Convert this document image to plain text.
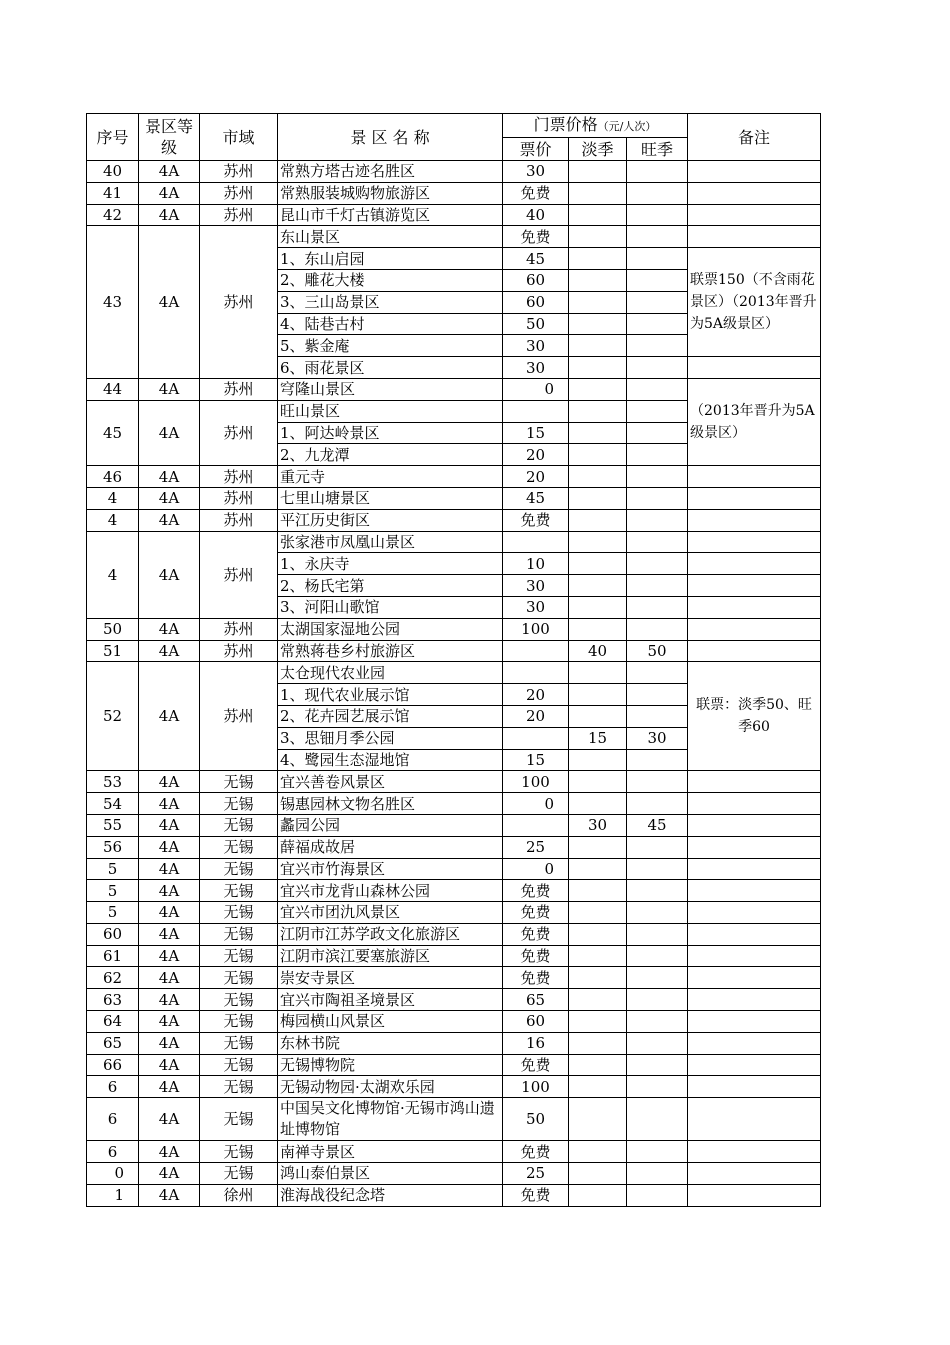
序号	景区等级	市域	景 区 名 称	门票价格（元/人次）			备注
				票价	淡季	旺季	
40	4A	苏州	常熟方塔古迹名胜区	30			
41	4A	苏州	常熟服装城购物旅游区	免费			
42	4A	苏州	昆山市千灯古镇游览区	40			
43	4A	苏州	东山景区	免费			
			1、东山启园	45			联票150（不含雨花景区）（2013年晋升为5A级景区）
			2、雕花大楼	60			
			3、三山岛景区	60			
			4、陆巷古村	50			
			5、紫金庵	30			
			6、雨花景区	30			
44	4A	苏州	穹隆山景区	0			（2013年晋升为5A级景区）
45	4A	苏州	旺山景区				
			1、阿达岭景区	15			
			2、九龙潭	20			
46	4A	苏州	重元寺	20			
4	4A	苏州	七里山塘景区	45			
4	4A	苏州	平江历史街区	免费			
4	4A	苏州	张家港市凤凰山景区				
			1、永庆寺	10			
			2、杨氏宅第	30			
			3、河阳山歌馆	30			
50	4A	苏州	太湖国家湿地公园	100			
51	4A	苏州	常熟蒋巷乡村旅游区		40	50	
52	4A	苏州	太仓现代农业园				联票：淡季50、旺季60
			1、现代农业展示馆	20			
			2、花卉园艺展示馆	20			
			3、思钿月季公园		15	30	
			4、鹭园生态湿地馆	15			
53	4A	无锡	宜兴善卷风景区	100			
54	4A	无锡	锡惠园林文物名胜区	0			
55	4A	无锡	蠡园公园		30	45	
56	4A	无锡	薛福成故居	25			
5	4A	无锡	宜兴市竹海景区	0			
5	4A	无锡	宜兴市龙背山森林公园	免费			
5	4A	无锡	宜兴市团氿风景区	免费			
60	4A	无锡	江阴市江苏学政文化旅游区	免费			
61	4A	无锡	江阴市滨江要塞旅游区	免费			
62	4A	无锡	崇安寺景区	免费			
63	4A	无锡	宜兴市陶祖圣境景区	65			
64	4A	无锡	梅园横山风景区	60			
65	4A	无锡	东林书院	16			
66	4A	无锡	无锡博物院	免费			
6	4A	无锡	无锡动物园·太湖欢乐园	100			
6	4A	无锡	中国吴文化博物馆·无锡市鸿山遗址博物馆	50			
6	4A	无锡	南禅寺景区	免费			
0	4A	无锡	鸿山泰伯景区	25			
1	4A	徐州	淮海战役纪念塔	免费			
